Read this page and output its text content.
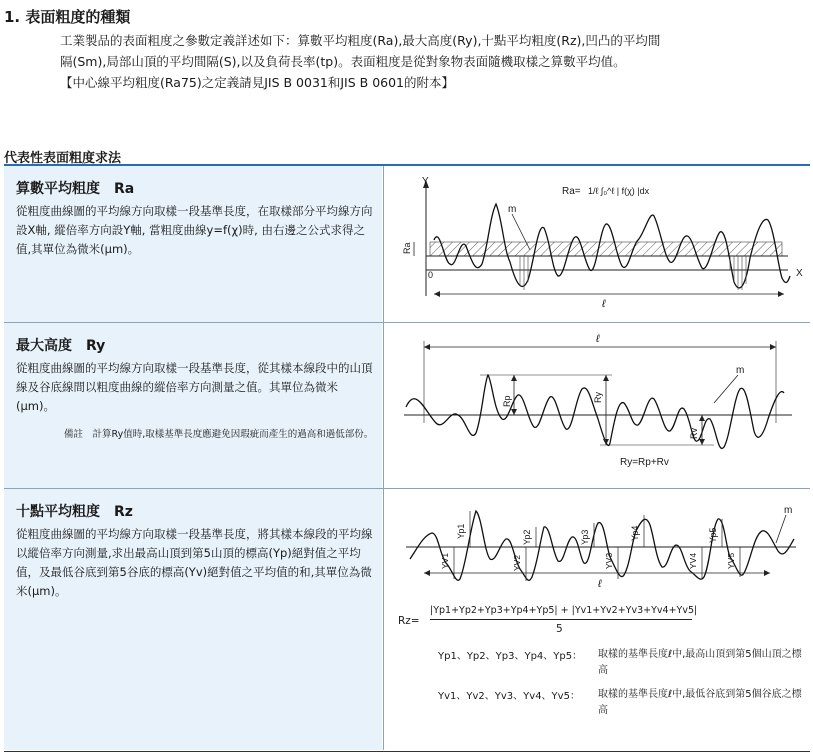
1. 表面粗度的種類
工業製品的表面粗度之參數定義詳述如下：算數平均粗度(Ra),最大高度(Ry),十點平均粗度(Rz),凹凸的平均間
隔(Sm),局部山頂的平均間隔(S),以及負荷長率(tp)。表面粗度是從對象物表面隨機取樣之算數平均值。
【中心線平均粗度(Ra75)之定義請見JIS B 0031和JIS B 0601的附本】
代表性表面粗度求法
算數平均粗度　Ra
從粗度曲線圖的平均線方向取樣一段基準長度，在取樣部分平均線方向設X軸, 縱倍率方向設Y軸, 當粗度曲線y=f(χ)時, 由右邊之公式求得之值,其單位為微米(μm)。	Ra
Y
X
0
m
ℓ
Ra= 1/ℓ ∫₀^ℓ | f(χ) |dx
最大高度　Ry
從粗度曲線圖的平均線方向取樣一段基準長度，從其樣本線段中的山頂線及谷底線間以粗度曲線的縱倍率方向測量之值。其單位為微米(μm)。
備註　計算Ry值時,取樣基準長度應避免因瑕疵而產生的過高和過低部份。
ℓ
Rp	Ry
Rv
m
Ry=Rp+Rv
十點平均粗度　Rz
從粗度曲線圖的平均線方向取樣一段基準長度，將其樣本線段的平均線以縱倍率方向測量,求出最高山頂到第5山頂的標高(Yp)絕對值之平均值，及最低谷底到第5谷底的標高(Yv)絕對值之平均值的和,其單位為微米(μm)。	ℓ
m
Yp1	Yp2	Yp3	Yp4	Yp5
YV1	YV2	YV3	YV4	YV5
Rz=
|Yp1+Yp2+Yp3+Yp4+Yp5| + |Yv1+Yv2+Yv3+Yv4+Yv5|
5
Yp1、Yp2、Yp3、Yp4、Yp5： 取樣的基準長度ℓ中,最高山頂到第5個山頂之標高
Yv1、Yv2、Yv3、Yv4、Yv5： 取樣的基準長度ℓ中,最低谷底到第5個谷底之標高
